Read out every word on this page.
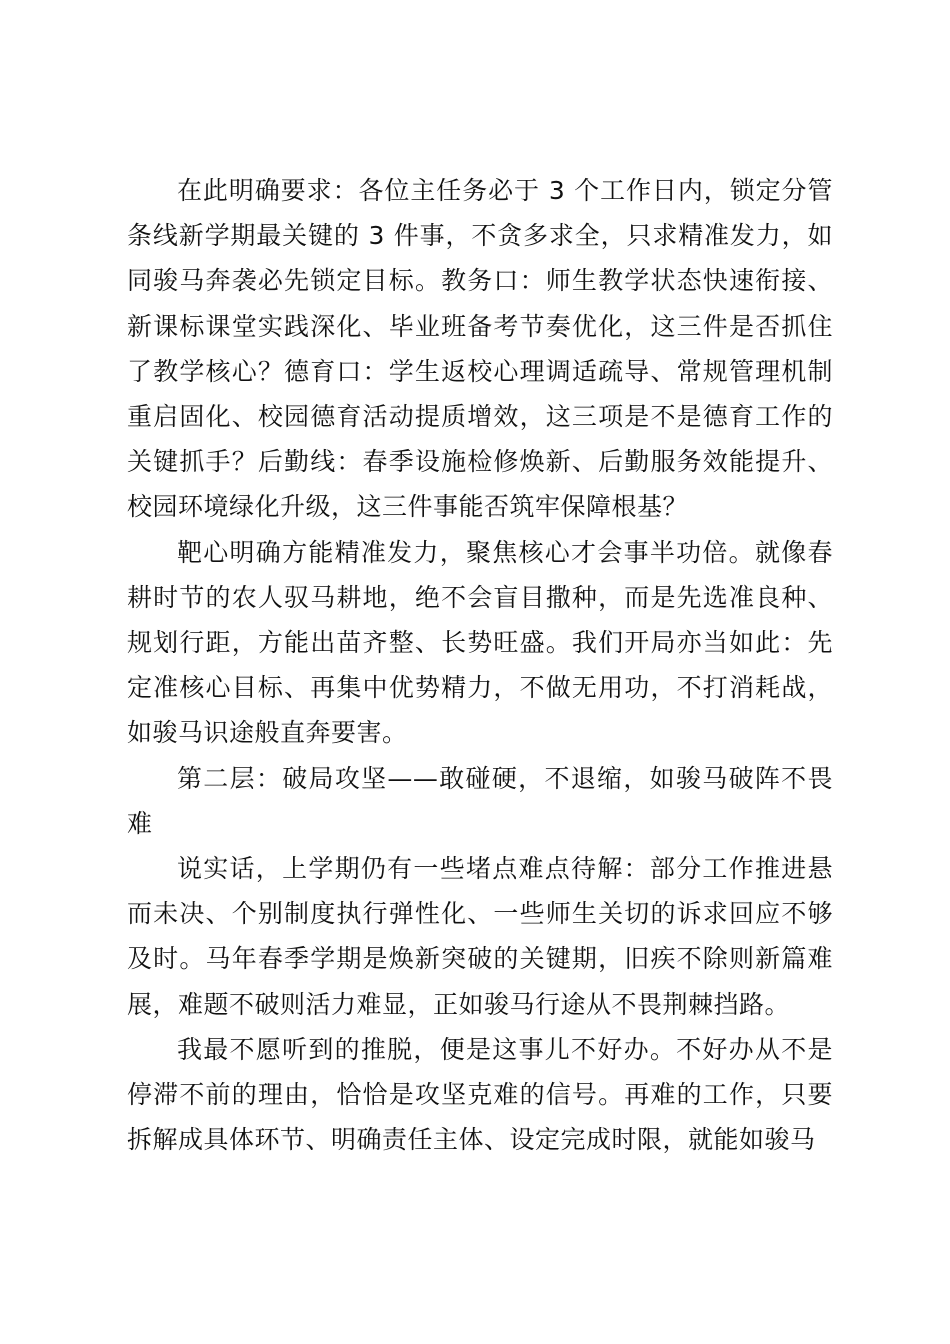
在此明确要求：各位主任务必于 3 个工作日内，锁定分管条线新学期最关键的 3 件事，不贪多求全，只求精准发力，如同骏马奔袭必先锁定目标。教务口：师生教学状态快速衔接、新课标课堂实践深化、毕业班备考节奏优化，这三件是否抓住了教学核心？德育口：学生返校心理调适疏导、常规管理机制重启固化、校园德育活动提质增效，这三项是不是德育工作的关键抓手？后勤线：春季设施检修焕新、后勤服务效能提升、校园环境绿化升级，这三件事能否筑牢保障根基？

靶心明确方能精准发力，聚焦核心才会事半功倍。就像春耕时节的农人驭马耕地，绝不会盲目撒种，而是先选准良种、规划行距，方能出苗齐整、长势旺盛。我们开局亦当如此：先定准核心目标、再集中优势精力，不做无用功，不打消耗战，如骏马识途般直奔要害。

第二层：破局攻坚——敢碰硬，不退缩，如骏马破阵不畏难

说实话，上学期仍有一些堵点难点待解：部分工作推进悬而未决、个别制度执行弹性化、一些师生关切的诉求回应不够及时。马年春季学期是焕新突破的关键期，旧疾不除则新篇难展，难题不破则活力难显，正如骏马行途从不畏荆棘挡路。

我最不愿听到的推脱，便是这事儿不好办。不好办从不是停滞不前的理由，恰恰是攻坚克难的信号。再难的工作，只要拆解成具体环节、明确责任主体、设定完成时限，就能如骏马
